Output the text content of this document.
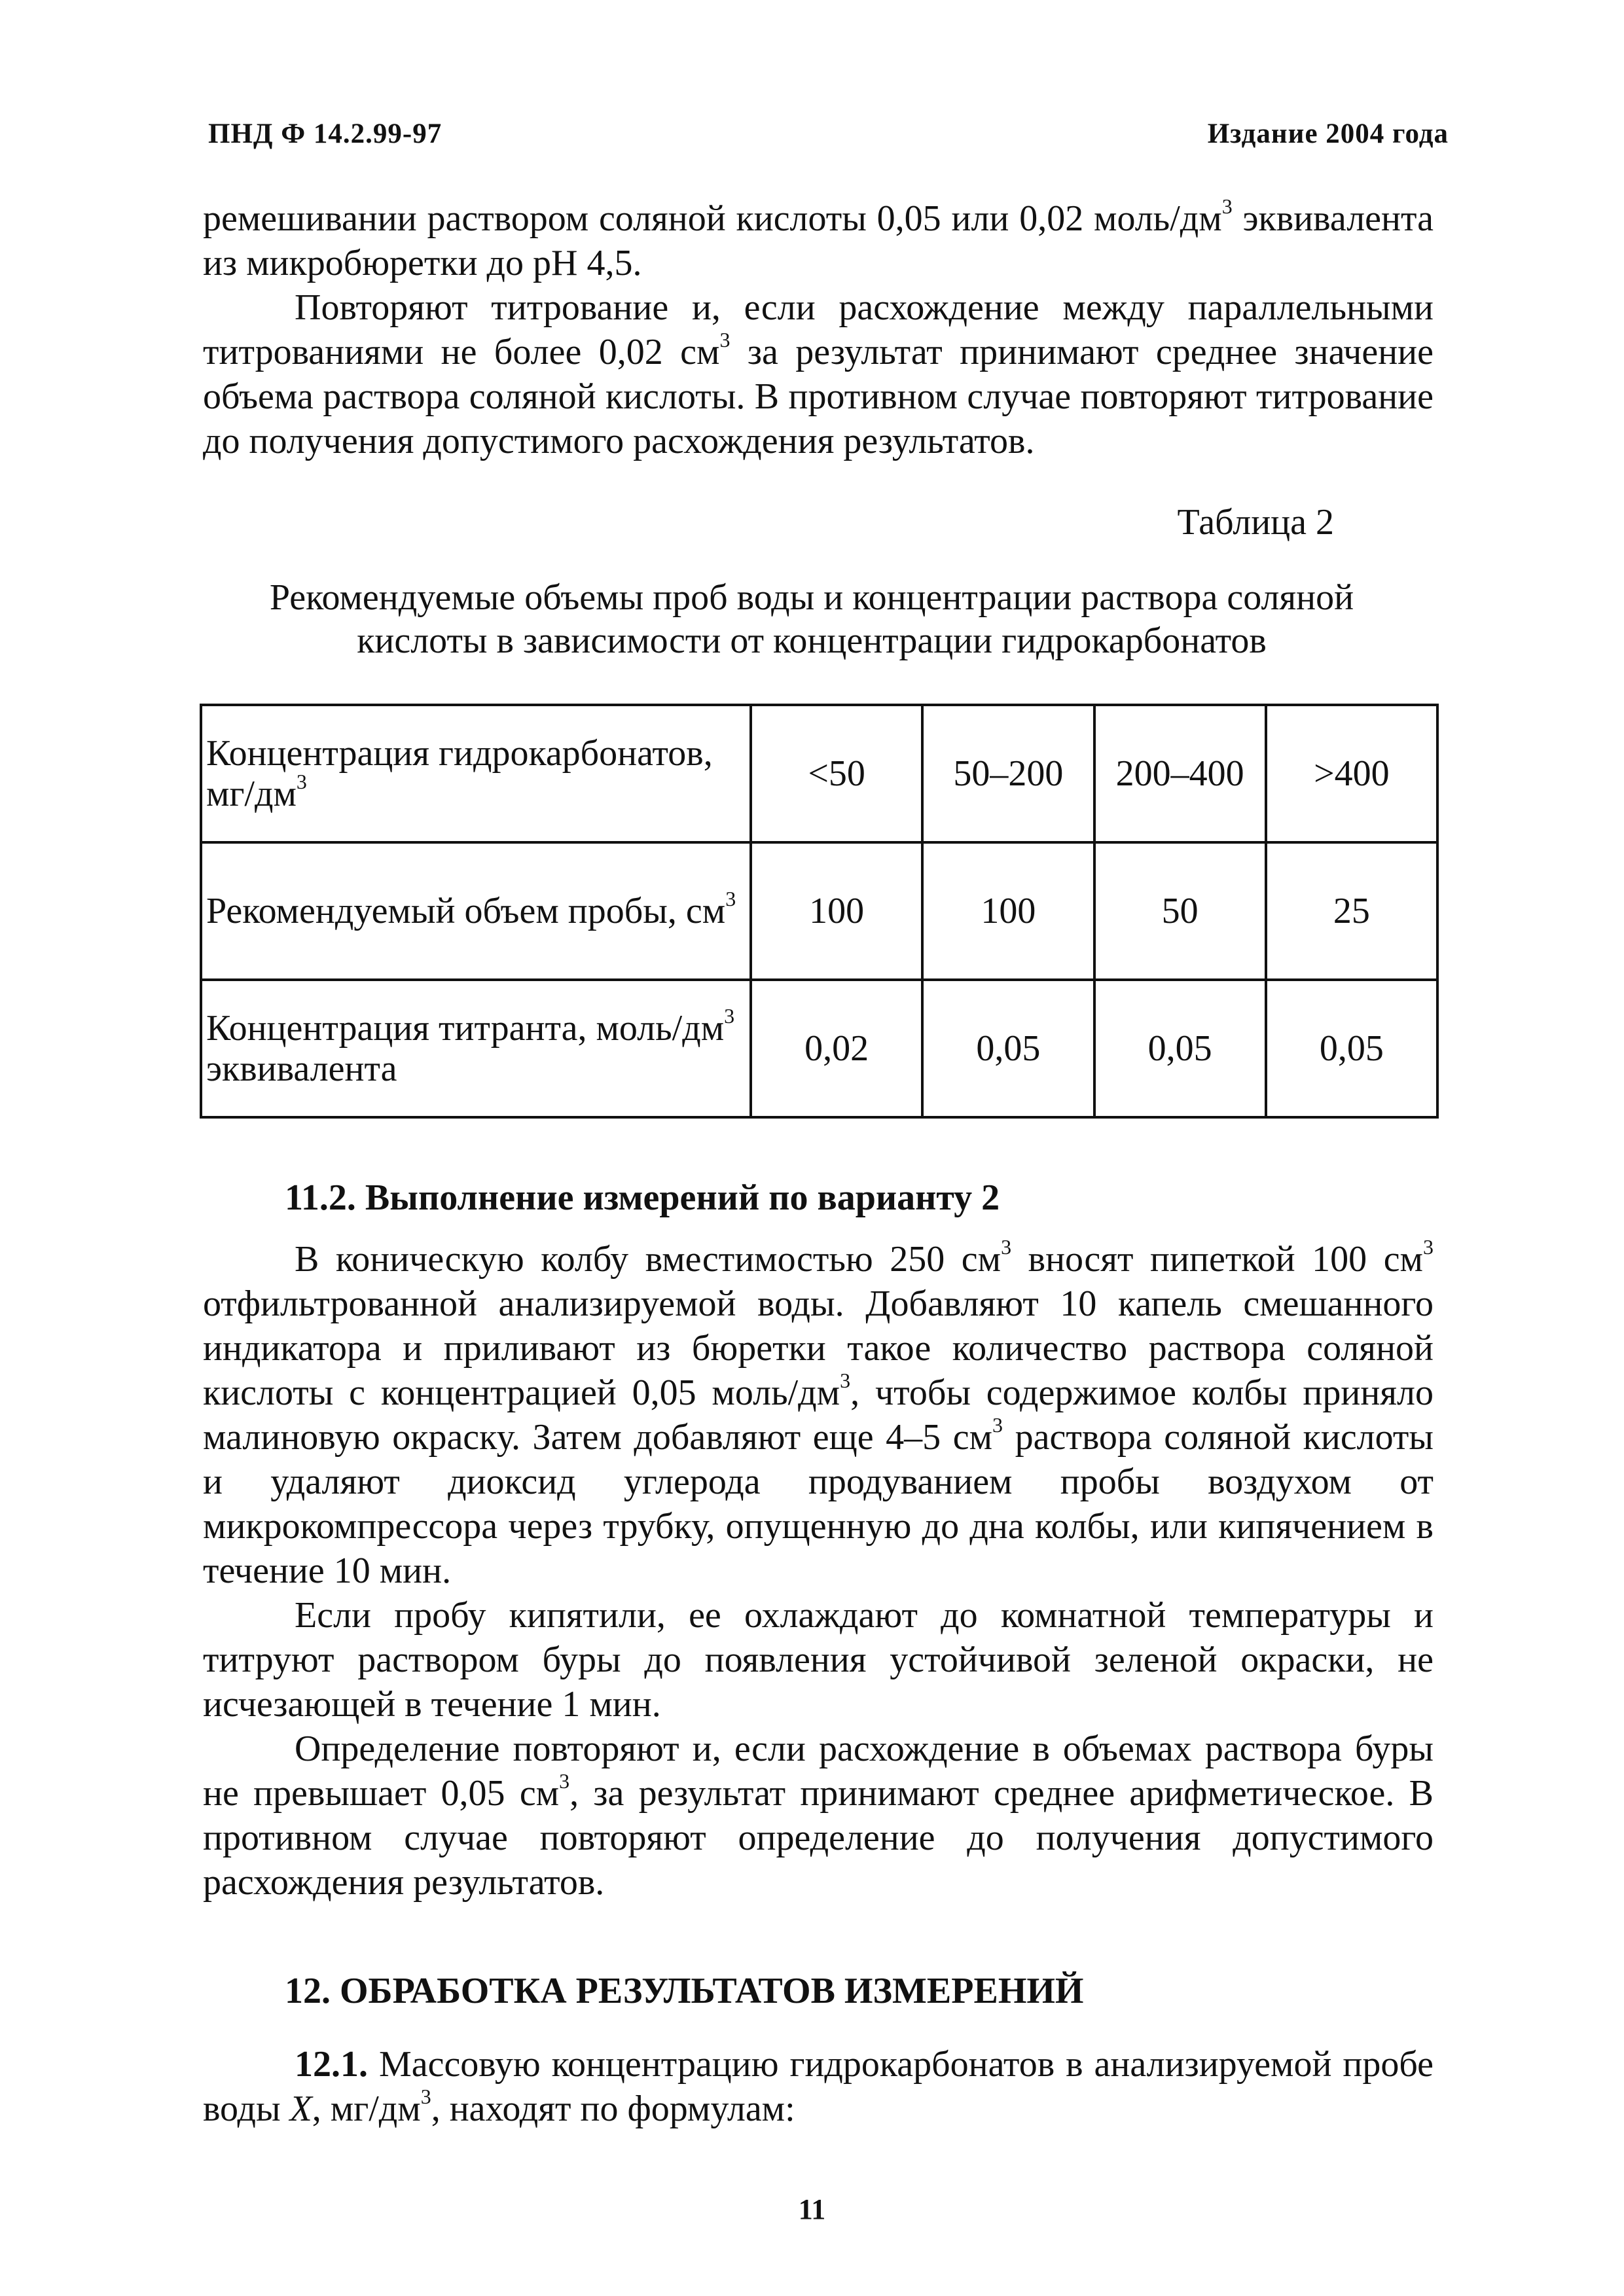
ПНД Ф 14.2.99-97	Издание 2004 года

ремешивании раствором соляной кислоты 0,05 или 0,02 моль/$дм^3$ эквивалента из микробюретки до pH 4,5.

Повторяют титрование и, если расхождение между параллельными титрованиями не более 0,02 $см^3$ за результат принимают среднее значение объема раствора соляной кислоты. В противном случае повторяют титрование до получения допустимого расхождения результатов.

Таблица 2
Рекомендуемые объемы проб воды и концентрации раствора соляной кислоты в зависимости от концентрации гидрокарбонатов
Концентрация гидрокарбонатов, $мг/дм^3$	<50	50–200	200–400	>400
Рекомендуемый объем пробы, $см^3$	100	100	50	25
Концентрация титранта, моль/$дм^3$ эквивалента	0,02	0,05	0,05	0,05
11.2. Выполнение измерений по варианту 2

В коническую колбу вместимостью 250 $см^3$ вносят пипеткой 100 $см^3$ отфильтрованной анализируемой воды. Добавляют 10 капель смешанного индикатора и приливают из бюретки такое количество раствора соляной кислоты с концентрацией 0,05 моль/$дм^3$, чтобы содержимое колбы приняло малиновую окраску. Затем добавляют еще 4–5 $см^3$ раствора соляной кислоты и удаляют диоксид углерода продуванием пробы воздухом от микрокомпрессора через трубку, опущенную до дна колбы, или кипячением в течение 10 мин.

Если пробу кипятили, ее охлаждают до комнатной температуры и титруют раствором буры до появления устойчивой зеленой окраски, не исчезающей в течение 1 мин.

Определение повторяют и, если расхождение в объемах раствора буры не превышает 0,05 $см^3$, за результат принимают среднее арифметическое. В противном случае повторяют определение до получения допустимого расхождения результатов.

12. ОБРАБОТКА РЕЗУЛЬТАТОВ ИЗМЕРЕНИЙ

12.1. Массовую концентрацию гидрокарбонатов в анализируемой пробе воды X, $мг/дм^3$, находят по формулам:

11
